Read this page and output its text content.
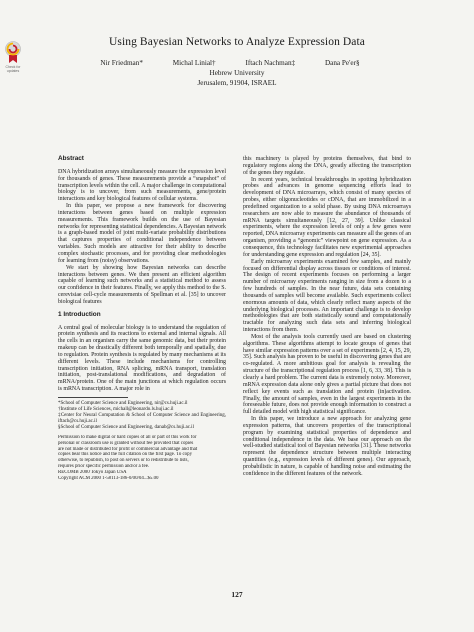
Check for updates
Using Bayesian Networks to Analyze Expression Data
Nir Friedman*	Michal Linial†	Iftach Nachman‡	Dana Pe'er§
Hebrew University
Jerusalem, 91904, ISRAEL
Abstract

DNA hybridization arrays simultaneously measure the expression level for thousands of genes. These measurements provide a “snapshot” of transcription levels within the cell. A major challenge in computational biology is to uncover, from such measurements, gene/protein interactions and key biological features of cellular systems.

In this paper, we propose a new framework for discovering interactions between genes based on multiple expression measurements. This framework builds on the use of Bayesian networks for representing statistical dependencies. A Bayesian network is a graph-based model of joint multi-variate probability distributions that captures properties of conditional independence between variables. Such models are attractive for their ability to describe complex stochastic processes, and for providing clear methodologies for learning from (noisy) observations.

We start by showing how Bayesian networks can describe interactions between genes. We then present an efficient algorithm capable of learning such networks and a statistical method to assess our confidence in their features. Finally, we apply this method to the S. cerevisiae cell-cycle measurements of Spellman et al. [35] to uncover biological features

1 Introduction

A central goal of molecular biology is to understand the regulation of protein synthesis and its reactions to external and internal signals. All the cells in an organism carry the same genomic data, but their protein makeup can be drastically different both temporally and spatially, due to regulation. Protein synthesis is regulated by many mechanisms at its different levels. These include mechanisms for controlling transcription initiation, RNA splicing, mRNA transport, translation initiation, post-translational modifications, and degradation of mRNA/protein. One of the main junctions at which regulation occurs is mRNA transcription. A major role in

*School of Computer Science and Engineering, nir@cs.huji.ac.il

†Institute of Life Sciences, michall@leonardo.ls.huji.ac.il

‡Center for Neural Computation & School of Computer Science and Engineering, iftach@cs.huji.ac.il

§School of Computer Science and Engineering, danab@cs.huji.ac.il

Permission to make digital or hard copies of all or part of this work for
personal or classroom use is granted without fee provided that copies
are not made or distributed for profit or commercial advantage and that
copies bear this notice and the full citation on the first page. To copy
otherwise, to republish, to post on servers or to redistribute to lists,
requires prior specific permission and/or a fee.
RECOMB 2000 Tokyo Japan USA
Copyright ACM 2000 1-58113-186-0/00/04...$5.00

this machinery is played by proteins themselves, that bind to regulatory regions along the DNA, greatly affecting the transcription of the genes they regulate.

In recent years, technical breakthroughs in spotting hybridization probes and advances in genome sequencing efforts lead to development of DNA microarrays, which consist of many species of probes, either oligonucleotides or cDNA, that are immobilized in a predefined organization to a solid phase. By using DNA microarrays researchers are now able to measure the abundance of thousands of mRNA targets simultaneously [12, 27, 39]. Unlike classical experiments, where the expression levels of only a few genes were reported, DNA microarray experiments can measure all the genes of an organism, providing a “genomic” viewpoint on gene expression. As a consequence, this technology facilitates new experimental approaches for understanding gene expression and regulation [24, 35].

Early microarray experiments examined few samples, and mainly focused on differential display across tissues or conditions of interest. The design of recent experiments focuses on performing a larger number of microarray experiments ranging in size from a dozen to a few hundreds of samples. In the near future, data sets containing thousands of samples will become available. Such experiments collect enormous amounts of data, which clearly reflect many aspects of the underlying biological processes. An important challenge is to develop methodologies that are both statistically sound and computationally tractable for analyzing such data sets and inferring biological interactions from them.

Most of the analysis tools currently used are based on clustering algorithms. These algorithms attempt to locate groups of genes that have similar expression patterns over a set of experiments [2, 4, 15, 29, 35]. Such analysis has proven to be useful in discovering genes that are co-regulated. A more ambitious goal for analysis is revealing the structure of the transcriptional regulation process [1, 6, 33, 38]. This is clearly a hard problem. The current data is extremely noisy. Moreover, mRNA expression data alone only gives a partial picture that does not reflect key events such as translation and protein (in)activation. Finally, the amount of samples, even in the largest experiments in the foreseeable future, does not provide enough information to construct a full detailed model with high statistical significance.

In this paper, we introduce a new approach for analyzing gene expression patterns, that uncovers properties of the transcriptional program by examining statistical properties of dependence and conditional independence in the data. We base our approach on the well-studied statistical tool of Bayesian networks [31]. These networks represent the dependence structure between multiple interacting quantities (e.g., expression levels of different genes). Our approach, probabilistic in nature, is capable of handling noise and estimating the confidence in the different features of the network.

127
